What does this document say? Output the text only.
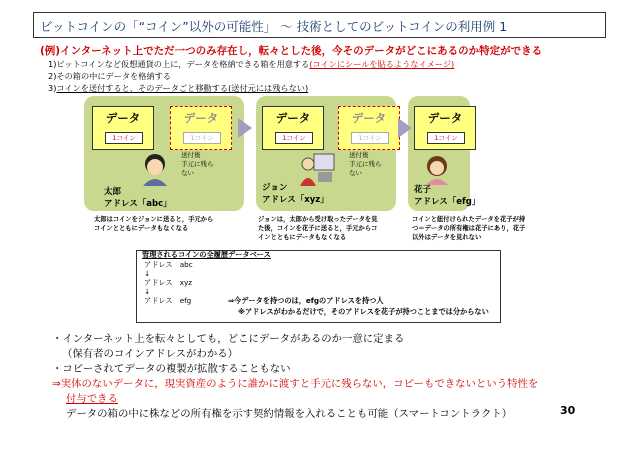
ビットコインの「“コイン”以外の可能性」 〜 技術としてのビットコインの利用例 1
(例)インターネット上でただ一つのみ存在し，転々とした後，今そのデータがどこにあるのか特定ができる
1)ビットコインなど仮想通貨の上に，データを格納できる箱を用意する(コインにシールを貼るようなイメージ)
2)その箱の中にデータを格納する
3)コインを送付すると，そのデータごと移動する(送付元には残らない)
データ
1コイン
データ
1コイン
送付後
手元に残ら
ない
データ
1コイン
データ
1コイン
送付後
手元に残ら
ない
データ
1コイン
太郎
アドレス「abc」
ジョン
アドレス「xyz」
花子
アドレス「efg」
太郎はコインをジョンに送ると，手元から
コインとともにデータもなくなる
ジョンは，太郎から受け取ったデータを見
た後，コインを花子に送ると，手元からコ
インとともにデータもなくなる
コインと紐付けられたデータを花子が持
つ＝データの所有権は花子にあり，花子
以外はデータを見れない
管理されるコインの全履歴データベース
アドレス　abc
↓
アドレス　xyz
↓
アドレス　efg	⇒今データを持つのは，efgのアドレスを持つ人
※アドレスがわかるだけで，そのアドレスを花子が持つことまでは分からない
・インターネット上を転々としても，どこにデータがあるのか一意に定まる
（保有者のコインアドレスがわかる）
・コピーされてデータの複製が拡散することもない
⇒実体のないデータに，現実資産のように誰かに渡すと手元に残らない，コピーもできないという特性を
付与できる
データの箱の中に株などの所有権を示す契約情報を入れることも可能（スマートコントラクト）	30
